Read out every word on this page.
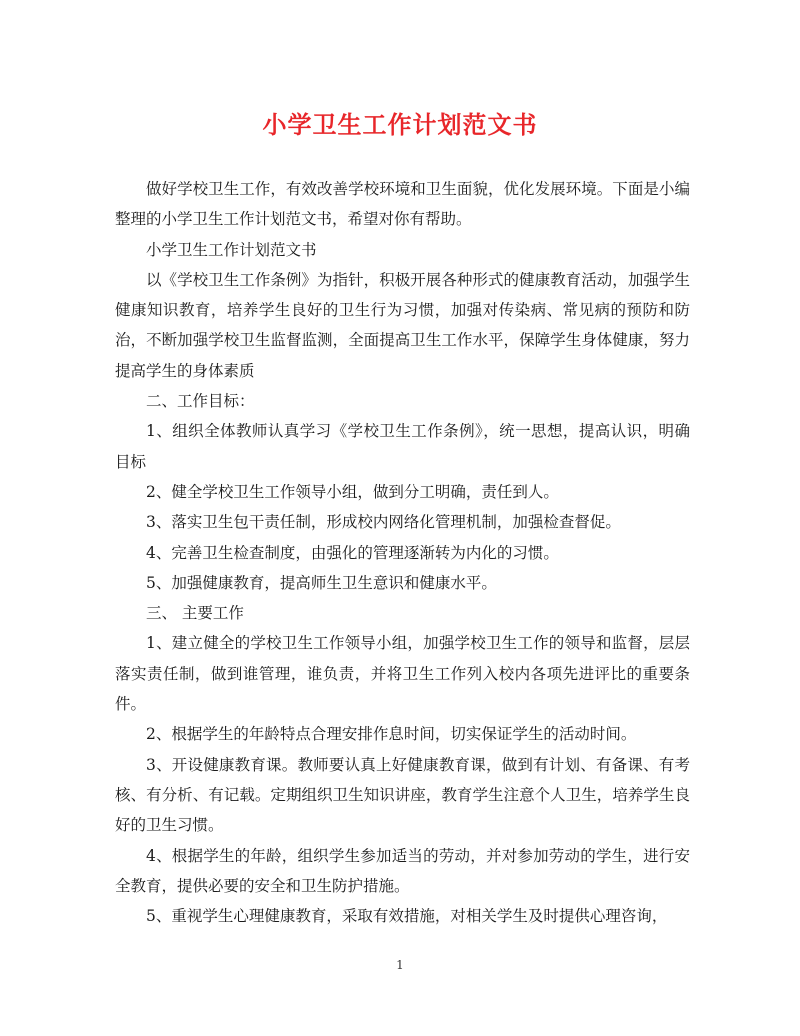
小学卫生工作计划范文书

做好学校卫生工作，有效改善学校环境和卫生面貌，优化发展环境。下面是小编整理的小学卫生工作计划范文书，希望对你有帮助。

小学卫生工作计划范文书

以《学校卫生工作条例》为指针，积极开展各种形式的健康教育活动，加强学生健康知识教育，培养学生良好的卫生行为习惯，加强对传染病、常见病的预防和防治，不断加强学校卫生监督监测，全面提高卫生工作水平，保障学生身体健康，努力提高学生的身体素质

二、工作目标：

1、组织全体教师认真学习《学校卫生工作条例》，统一思想，提高认识，明确目标

2、健全学校卫生工作领导小组，做到分工明确，责任到人。

3、落实卫生包干责任制，形成校内网络化管理机制，加强检查督促。

4、完善卫生检查制度，由强化的管理逐渐转为内化的习惯。

5、加强健康教育，提高师生卫生意识和健康水平。

三、 主要工作

1、建立健全的学校卫生工作领导小组，加强学校卫生工作的领导和监督，层层落实责任制，做到谁管理，谁负责，并将卫生工作列入校内各项先进评比的重要条件。

2、根据学生的年龄特点合理安排作息时间，切实保证学生的活动时间。

3、开设健康教育课。教师要认真上好健康教育课，做到有计划、有备课、有考核、有分析、有记载。定期组织卫生知识讲座，教育学生注意个人卫生，培养学生良好的卫生习惯。

4、根据学生的年龄，组织学生参加适当的劳动，并对参加劳动的学生，进行安全教育，提供必要的安全和卫生防护措施。

5、重视学生心理健康教育，采取有效措施，对相关学生及时提供心理咨询，

1
